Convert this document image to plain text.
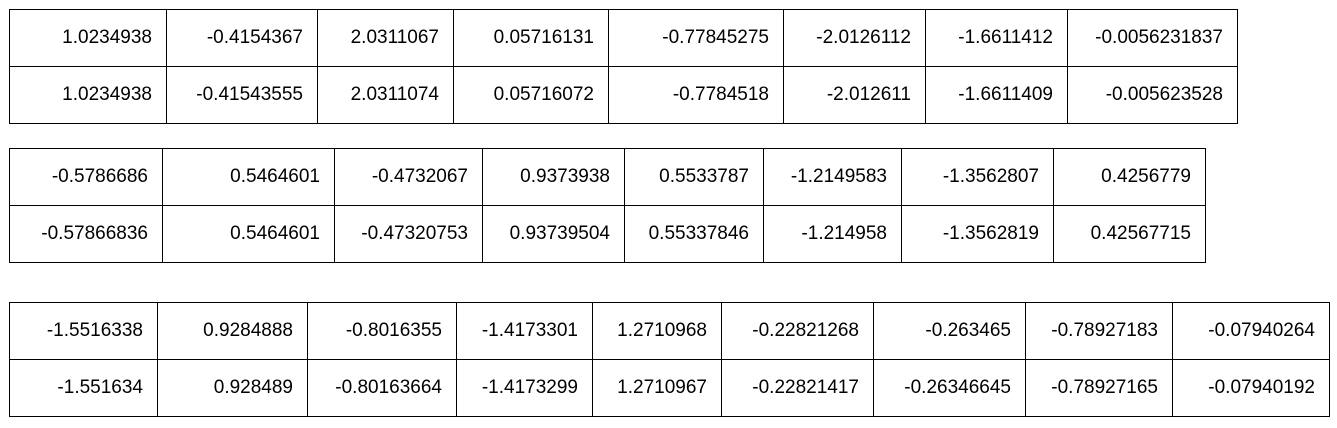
1.0234938	-0.4154367	2.0311067	0.05716131	-0.77845275	-2.0126112	-1.6611412	-0.0056231837
1.0234938	-0.41543555	2.0311074	0.05716072	-0.7784518	-2.012611	-1.6611409	-0.005623528
-0.5786686	0.5464601	-0.4732067	0.9373938	0.5533787	-1.2149583	-1.3562807	0.4256779
-0.57866836	0.5464601	-0.47320753	0.93739504	0.55337846	-1.214958	-1.3562819	0.42567715
-1.5516338	0.9284888	-0.8016355	-1.4173301	1.2710968	-0.22821268	-0.263465	-0.78927183	-0.07940264
-1.551634	0.928489	-0.80163664	-1.4173299	1.2710967	-0.22821417	-0.26346645	-0.78927165	-0.07940192
